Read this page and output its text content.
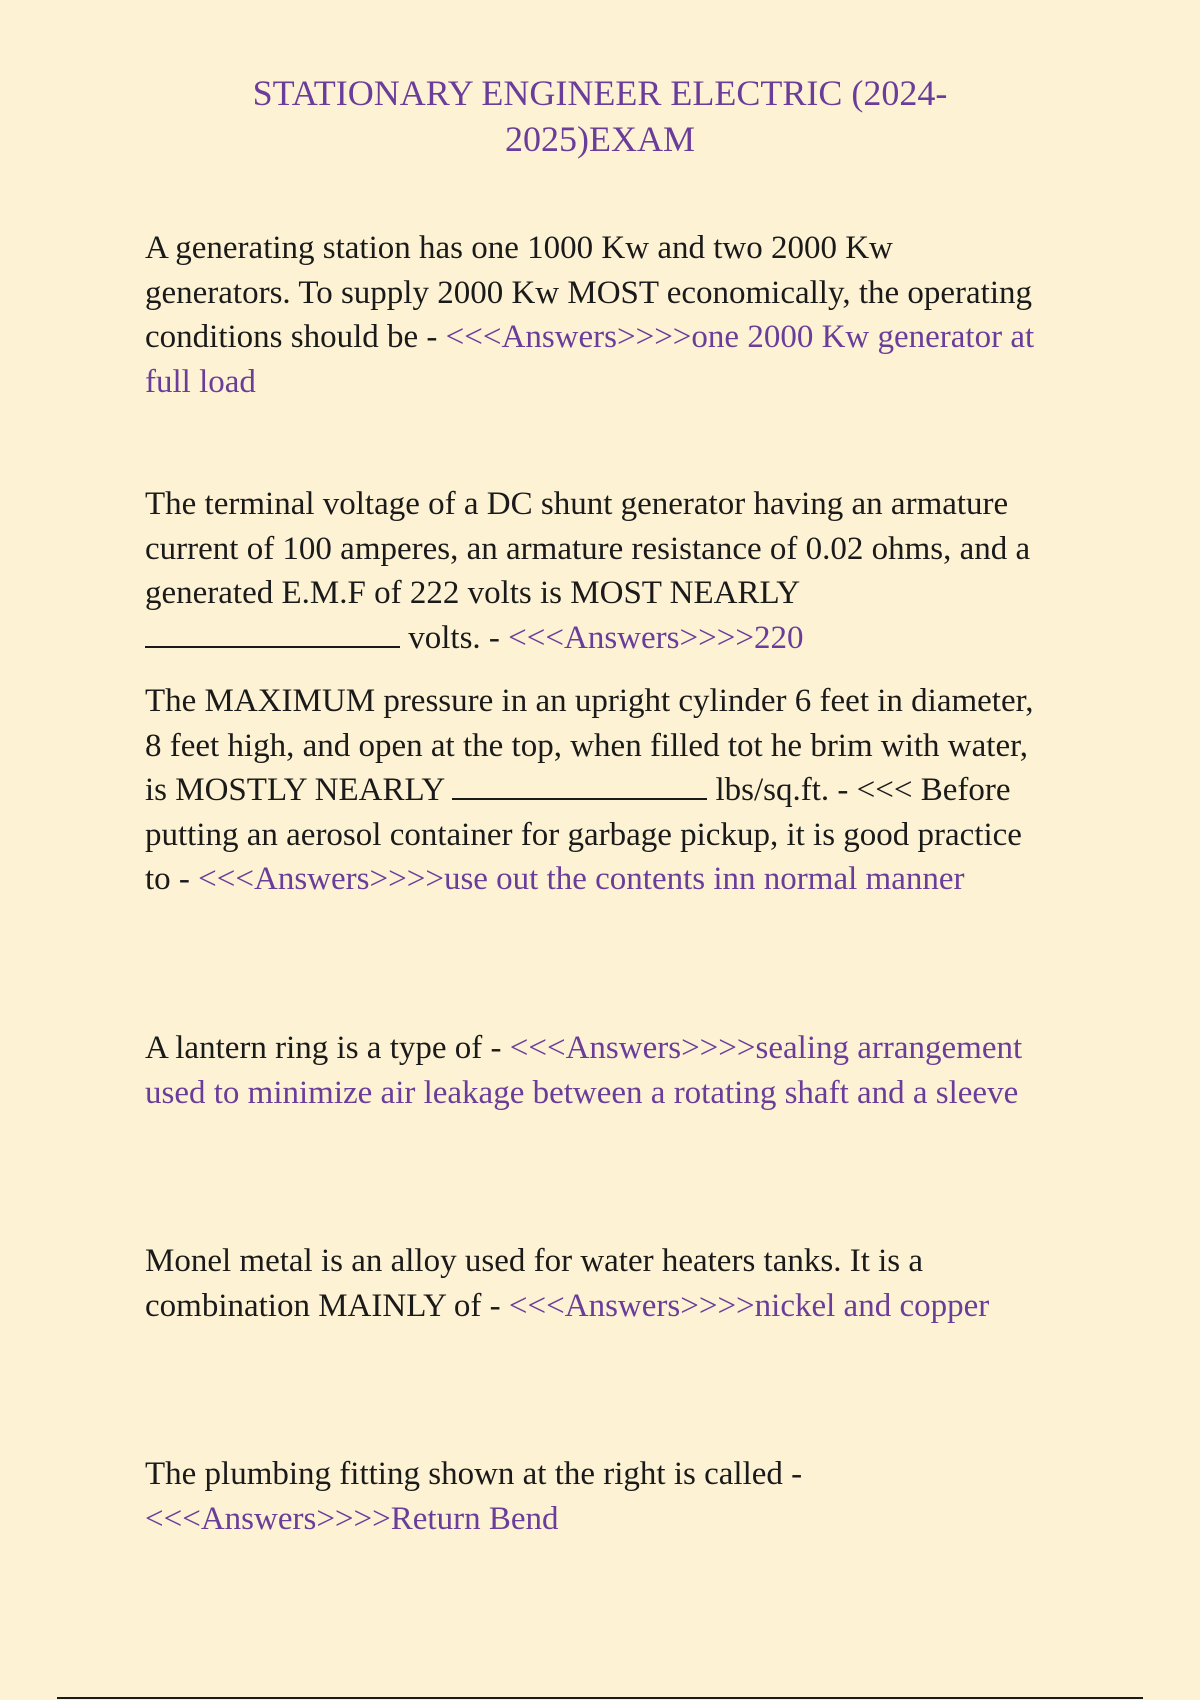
STATIONARY ENGINEER ELECTRIC (2024-2025)EXAM

A generating station has one 1000 Kw and two 2000 Kw generators. To supply 2000 Kw MOST economically, the operating conditions should be - <<<Answers>>>>one 2000 Kw generator at full load

The terminal voltage of a DC shunt generator having an armature current of 100 amperes, an armature resistance of 0.02 ohms, and a generated E.M.F of 222 volts is MOST NEARLY  volts. - <<<Answers>>>>220

The MAXIMUM pressure in an upright cylinder 6 feet in diameter, 8 feet high, and open at the top, when filled tot he brim with water, is MOSTLY NEARLY	lbs/sq.ft. - <<< Before putting an aerosol container for garbage pickup, it is good practice to - <<<Answers>>>>use out the contents inn normal manner

A lantern ring is a type of - <<<Answers>>>>sealing arrangement used to minimize air leakage between a rotating shaft and a sleeve

Monel metal is an alloy used for water heaters tanks. It is a combination MAINLY of - <<<Answers>>>>nickel and copper

The plumbing fitting shown at the right is called - <<<Answers>>>>Return Bend
